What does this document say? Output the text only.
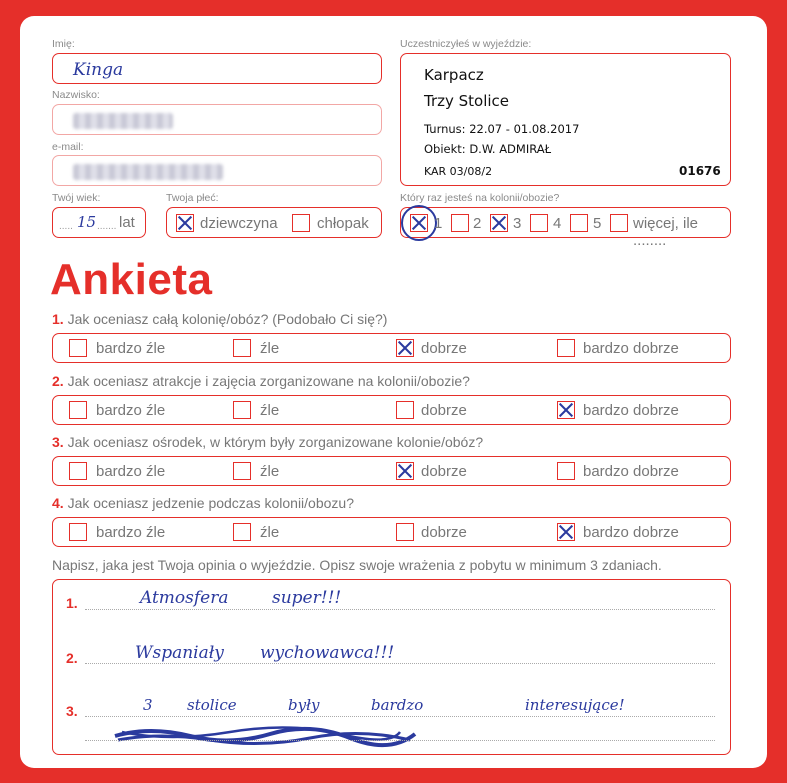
Imię:
Kinga
Nazwisko:
e-mail:
Twój wiek:
..... 15 ....... lat
Twoja płeć:
dziewczyna	chłopak
Uczestniczyłeś w wyjeździe:
Karpacz
Trzy Stolice
Turnus: 22.07 - 01.08.2017
Obiekt: D.W. ADMIRAŁ
KAR 03/08/2	01676
Który raz jesteś na kolonii/obozie?
1 2 3 4 5 więcej, ile ........
Ankieta
1. Jak oceniasz całą kolonię/obóz? (Podobało Ci się?)
bardzo źle	źle	dobrze	bardzo dobrze
2. Jak oceniasz atrakcje i zajęcia zorganizowane na kolonii/obozie?
bardzo źle	źle	dobrze	bardzo dobrze
3. Jak oceniasz ośrodek, w którym były zorganizowane kolonie/obóz?
bardzo źle	źle	dobrze	bardzo dobrze
4. Jak oceniasz jedzenie podczas kolonii/obozu?
bardzo źle	źle	dobrze	bardzo dobrze
Napisz, jaka jest Twoja opinia o wyjeździe. Opisz swoje wrażenia z pobytu w minimum 3 zdaniach.
1.	Atmosfera	super!!!
2.	Wspaniały wychowawca!!!
3.	3 stolice	były	bardzo	interesujące!
